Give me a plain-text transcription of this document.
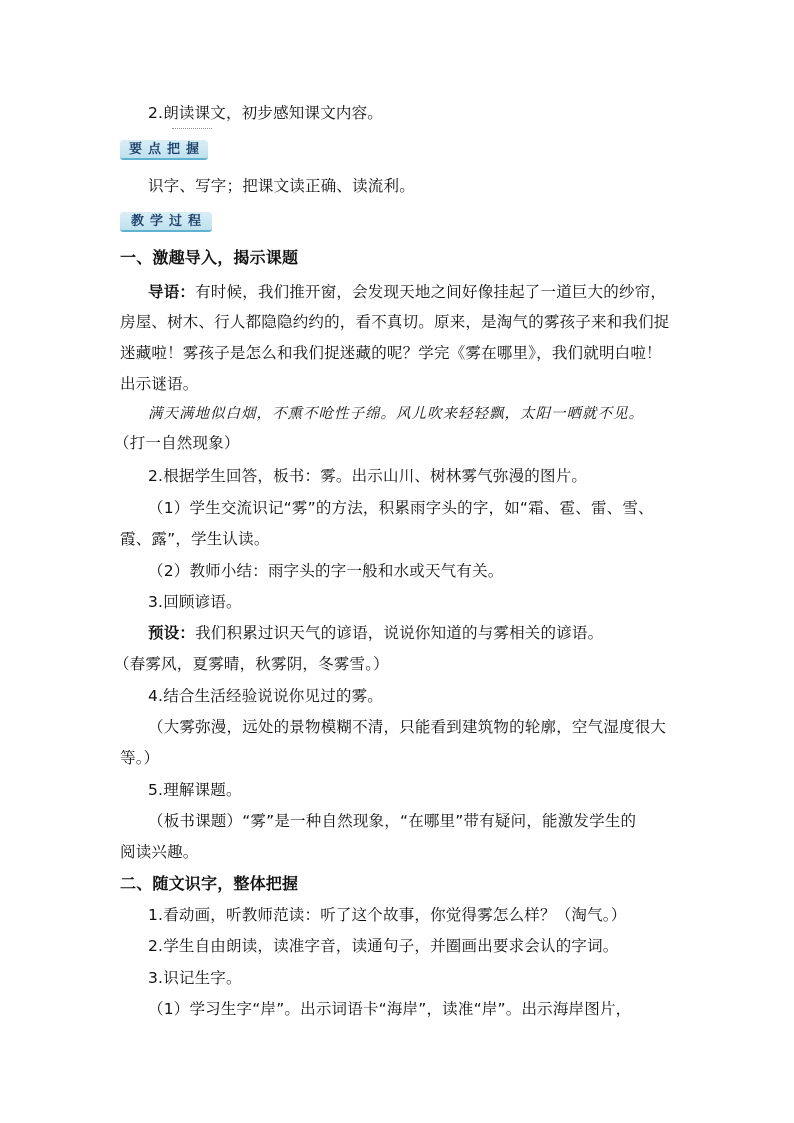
2.朗读课文，初步感知课文内容。
要点把握
识字、写字；把课文读正确、读流利。
教学过程
一、激趣导入，揭示课题
导语：有时候，我们推开窗，会发现天地之间好像挂起了一道巨大的纱帘，
房屋、树木、行人都隐隐约约的，看不真切。原来，是淘气的雾孩子来和我们捉
迷藏啦！雾孩子是怎么和我们捉迷藏的呢？学完《雾在哪里》，我们就明白啦！
出示谜语。
满天满地似白烟，不熏不呛性子绵。风儿吹来轻轻飘，太阳一晒就不见。
（打一自然现象）
2.根据学生回答，板书：雾。出示山川、树林雾气弥漫的图片。
（1）学生交流识记“雾”的方法，积累雨字头的字，如“霜、雹、雷、雪、
霞、露”，学生认读。
（2）教师小结：雨字头的字一般和水或天气有关。
3.回顾谚语。
预设：我们积累过识天气的谚语，说说你知道的与雾相关的谚语。
（春雾风，夏雾晴，秋雾阴，冬雾雪。）
4.结合生活经验说说你见过的雾。
（大雾弥漫，远处的景物模糊不清，只能看到建筑物的轮廓，空气湿度很大
等。）
5.理解课题。
（板书课题）“雾”是一种自然现象，“在哪里”带有疑问，能激发学生的
阅读兴趣。
二、随文识字，整体把握
1.看动画，听教师范读：听了这个故事，你觉得雾怎么样？（淘气。）
2.学生自由朗读，读准字音，读通句子，并圈画出要求会认的字词。
3.识记生字。
（1）学习生字“岸”。出示词语卡“海岸”，读准“岸”。出示海岸图片，
